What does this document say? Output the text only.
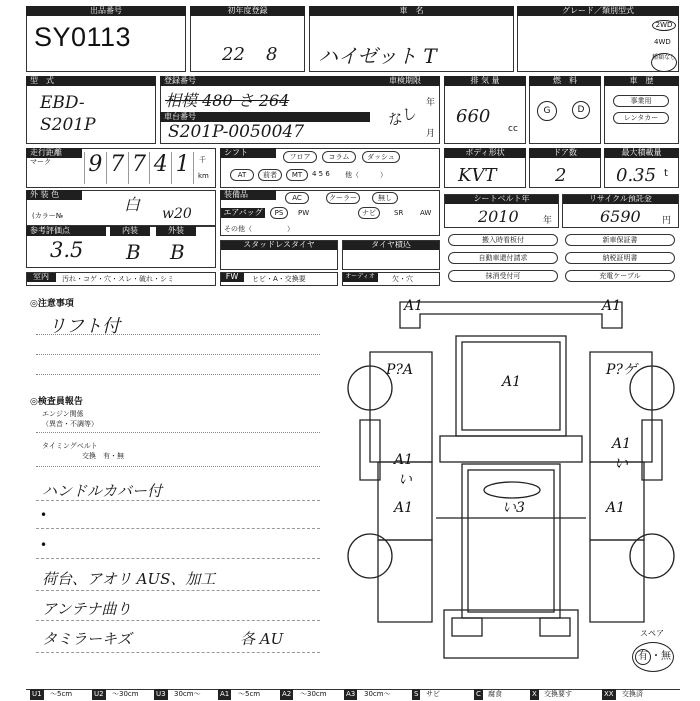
出品番号
SY0113
初年度登録
22 8
車　名
ハイゼット T
グレード／類別型式
2WD
4WD
種類なし
型　式
EBD- S201P
登録番号
相模 480 さ 264
車台番号
S201P-0050047
車検期限
年
月
なし
排 気 量
660
cc
燃　料
G	D
車　歴
事業用
レンタカー
走行距離
マーク 9 7 7 4 1	千
km
シフト	フロア	コラム	ダッシュ
AT	前者	MT	4 5 6 他（　　　）
ボディ形状
KVT
ドア数
2
最大積載量
0.35 t
外 装 色
白
(カラー№	w20
装備品	AC	クーラー	無し
エアバッグ	PS	PW	ナビ	SR AW
その他（　　　　　）
シートベルト年
2010	年
リサイクル預託金
6590 円
参考評価点
3.5
内装
B
外装
B	スタッドレスタイヤ	タイヤ積込	搬入時看板付	新車保証書
自動車還付請求	納税証明書
抹消受付可	充電ケーブル
室内	汚れ・コゲ・穴・スレ・破れ・シミ	FW	ヒビ・A・交換要	オーディオ	欠・穴
◎注意事項
リフト付
◎検査員報告
エンジン関係
（異音・不調等）
タイミングベルト
交換　有・無
ハンドルカバー付
•
•
荷台、アオリ AUS、加工
アンテナ曲り
タミラーキズ	各 AU
A1	A1
P?A	P?ゲ
A1
A1
い
A1
い
A1	A1
い3
スペア
有 ・無
U1 ～5cm	U2 ～30cm U3 30cm～	A1 ～5cm	A2 ～30cm	A3 30cm～	S サビ	C 腐食	X 交換要す	XX 交換済
